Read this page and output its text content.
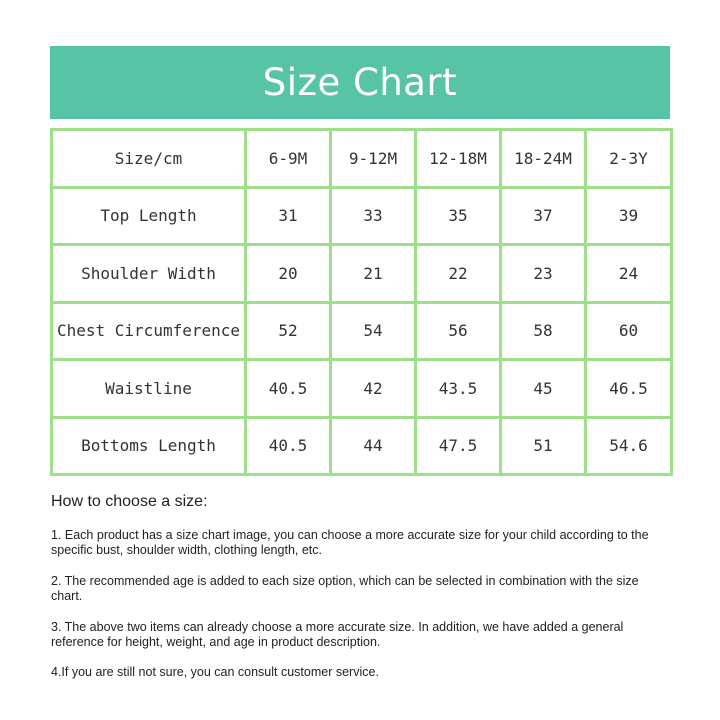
Size Chart
Size/cm	6-9M	9-12M	12-18M	18-24M	2-3Y
Top Length	31	33	35	37	39
Shoulder Width	20	21	22	23	24
Chest Circumference	52	54	56	58	60
Waistline	40.5	42	43.5	45	46.5
Bottoms Length	40.5	44	47.5	51	54.6
How to choose a size:

1. Each product has a size chart image, you can choose a more accurate size for your child according to the specific bust, shoulder width, clothing length, etc.

2. The recommended age is added to each size option, which can be selected in combination with the size chart.

3. The above two items can already choose a more accurate size. In addition, we have added a general reference for height, weight, and age in product description.

4.If you are still not sure, you can consult customer service.
